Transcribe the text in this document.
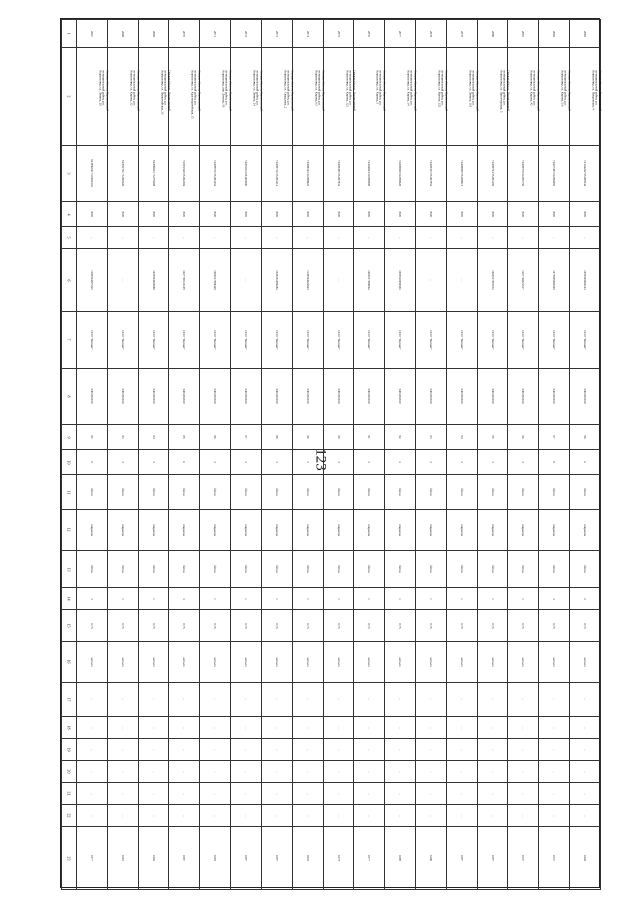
123
1	2067	2068	2069	2070	2071	2072	2073	2074	2075	2076	2077	2078	2079	2080	2081	2082	2083

2	Омская область, Кормиловский муниципальный район, р.п. Кормиловка, ул. Ленина, 20	Омская область, Кормиловский муниципальный район, р.п. Кормиловка, ул. Кирова, 32	Омская область, Кормиловский муниципальный район, р.п. Кормиловка, ул. Первомайская, 23	Омская область, Кормиловский муниципальный район, р.п. Кормиловка, ул. Красноармейская, 15	Омская область, Кормиловский муниципальный район, р.п. Кормиловка, пер. Ленина, 19	Омская область, Кормиловский муниципальный район, р.п. Кормиловка, ул. Ленина, 24	Омская область, Кормиловский муниципальный район, р.п. Кормиловка, ул. Свердлова, 2	Омская область, Кормиловский муниципальный район, р.п. Кормиловка, ул. Кирова, 63	Омская область, Кормиловский муниципальный район, р.п. Кормиловка, ул. Кирова, 121	Омская область, Кормиловский муниципальный район, р.п. Кормиловка, ул. Кирова, 5	Омская область, Кормиловский муниципальный район, р.п. Кормиловка, ул. Кирова, 14	Омская область, Кормиловский муниципальный район, р.п. Кормиловка, ул. Фрунзе, 125	Омская область, Кормиловский муниципальный район, р.п. Кормиловка, ул. Ленина, 110	Омская область, Кормиловский муниципальный район, р.п. Кормиловка, ул. Пролетарская, 5	Омская область, Кормиловский муниципальный район, р.п. Кормиловка, ул. Кирова, 42	Омская область, Кормиловский муниципальный район, р.п. Кормиловка, ул. Кирова, 5/6	Омская область, Кормиловский муниципальный район, р.п. Кормиловка, ул. Покровская, 4

3	54.998239 73.9922332	54.993702 73.990420	54.989833 73.979208	74.991528 55.002304	74.009576 55.003252	74.001104 55.003900	74.009716 55.003312	74.998323 54.998823	74.009395 55.007832	74.284964 54.999089	74.009960 54.998920	74.069353 55.007852	74.009090 55.008015	74.009704 55.003196	74.009578 54.995750	74.007483 54.996805	74.164242 55.000544

4	ЮЛ	ЮЛ	ЮЛ	ЮЛ	ЮЛ	ЮЛ	ЮЛ	ЮЛ	ЮЛ	ЮЛ	ЮЛ	ЮЛ	ЮЛ	ЮЛ	ЮЛ	ЮЛ	ЮЛ

5	-	-	-	-	-	-	-	-	-	-	-	-	-	-	-	-	-

6	1185543007225	-	1025504200680	1027700133195	1065517008429	-	1045551008282	1145543022843	-	1065517008062	1055510059303	-	-	1065517001912	1167746021517	1075505000395	1055545004123

7	ООО "Магнит"	ООО "Магнит"	ООО "Магнит"	ООО "Магнит"	ООО "Магнит"	ООО "Магнит"	ООО "Магнит"	ООО "Магнит"	ООО "Магнит"	ООО "Магнит"	ООО "Магнит"	ООО "Магнит"	ООО "Магнит"	ООО "Магнит"	ООО "Магнит"	ООО "Магнит"	ООО "Магнит"

8	5403381810	5403381810	5403381810	5403381810	5403381810	5403381810	5403381810	5403381810	5403381810	5403381810	5403381810	5403381810	5403381810	5403381810	5403381810	5403381810	5403381810

9	82	83	84	85	86	87	88	89	90	91	92	93	94	95	96	97	98

10	6	3	3	6	3	3	3	3	3	3	3	3	3	3	3	9	6

11	бетон	бетон	бетон	бетон	бетон	бетон	бетон	бетон	бетон	бетон	бетон	бетон	бетон	бетон	бетон	бетон	бетон

12	открытая	открытая	открытая	открытая	открытая	открытая	открытая	открытая	открытая	открытая	открытая	открытая	открытая	открытая	открытая	открытая	открытая

13	бетон	бетон	бетон	бетон	бетон	бетон	бетон	бетон	бетон	бетон	бетон	бетон	бетон	бетон	бетон	бетон	бетон

14	3	1	1	3	1	1	1	1	1	1	1	1	1	1	1	3	2

15	0,75	0,75	0,75	0,75	0,75	0,75	0,75	0,75	0,75	0,75	0,75	0,75	0,75	0,75	0,75	0,75	0,75

16	металл	металл	металл	металл	металл	металл	металл	металл	металл	металл	металл	металл	металл	металл	металл	металл	металл

17	-	-	-	-	-	-	-	-	-	-	-	-	-	-	-	-	-

18	-	-	-	-	-	-	-	-	-	-	-	-	-	-	-	-	-

19	-	-	-	-	-	-	-	-	-	-	-	-	-	-	-	-	-

20	-	-	-	-	-	-	-	-	-	-	-	-	-	-	-	-	-

21	-	-	-	-	-	-	-	-	-	-	-	-	-	-	-	-	-

22	-	-	-	-	-	-	-	-	-	-	-	-	-	-	-	-	-

23	1077	1081	1602	1087	1093	1097	1097	1025	1075	1077	1099	1600	1097	1097	1037	1037	1602
